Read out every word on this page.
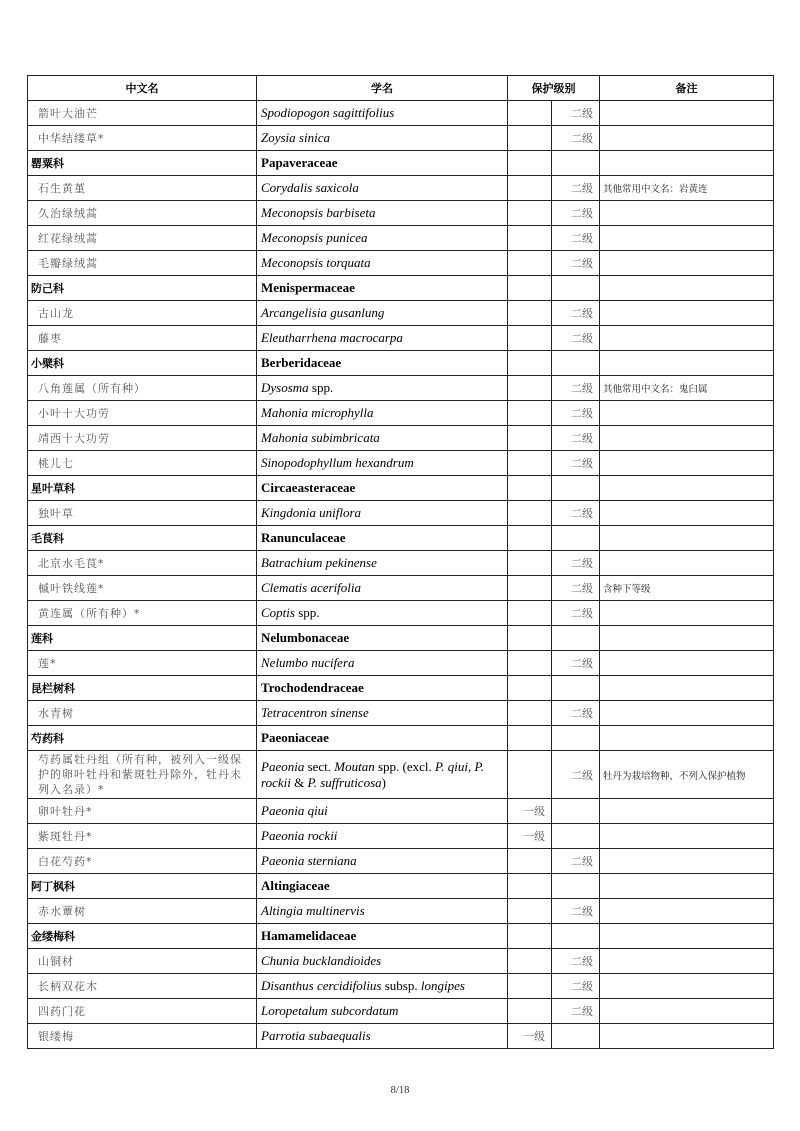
中文名	学名	保护级别		备注
箭叶大油芒	Spodiopogon sagittifolius		二级	
中华结缕草*	Zoysia sinica		二级	
罂粟科	Papaveraceae			
石生黄堇	Corydalis saxicola		二级	其他常用中文名：岩黄连
久治绿绒蒿	Meconopsis barbiseta		二级	
红花绿绒蒿	Meconopsis punicea		二级	
毛瓣绿绒蒿	Meconopsis torquata		二级	
防己科	Menispermaceae			
古山龙	Arcangelisia gusanlung		二级	
藤枣	Eleutharrhena macrocarpa		二级	
小檗科	Berberidaceae			
八角莲属（所有种）	Dysosma spp.		二级	其他常用中文名：鬼臼属
小叶十大功劳	Mahonia microphylla		二级	
靖西十大功劳	Mahonia subimbricata		二级	
桃儿七	Sinopodophyllum hexandrum		二级	
星叶草科	Circaeasteraceae			
独叶草	Kingdonia uniflora		二级	
毛茛科	Ranunculaceae			
北京水毛茛*	Batrachium pekinense		二级	
槭叶铁线莲*	Clematis acerifolia		二级	含种下等级
黄连属（所有种）*	Coptis spp.		二级	
莲科	Nelumbonaceae			
莲*	Nelumbo nucifera		二级	
昆栏树科	Trochodendraceae			
水青树	Tetracentron sinense		二级	
芍药科	Paeoniaceae			
芍药属牡丹组（所有种，被列入一级保护的卵叶牡丹和紫斑牡丹除外，牡丹未列入名录）*	Paeonia sect. Moutan spp. (excl. P. qiui, P. rockii & P. suffruticosa)		二级	牡丹为栽培物种，不列入保护植物
卵叶牡丹*	Paeonia qiui	一级		
紫斑牡丹*	Paeonia rockii	一级		
白花芍药*	Paeonia sterniana		二级	
阿丁枫科	Altingiaceae			
赤水蕈树	Altingia multinervis		二级	
金缕梅科	Hamamelidaceae			
山铜材	Chunia bucklandioides		二级	
长柄双花木	Disanthus cercidifolius subsp. longipes		二级	
四药门花	Loropetalum subcordatum		二级	
银缕梅	Parrotia subaequalis	一级		
8/18
